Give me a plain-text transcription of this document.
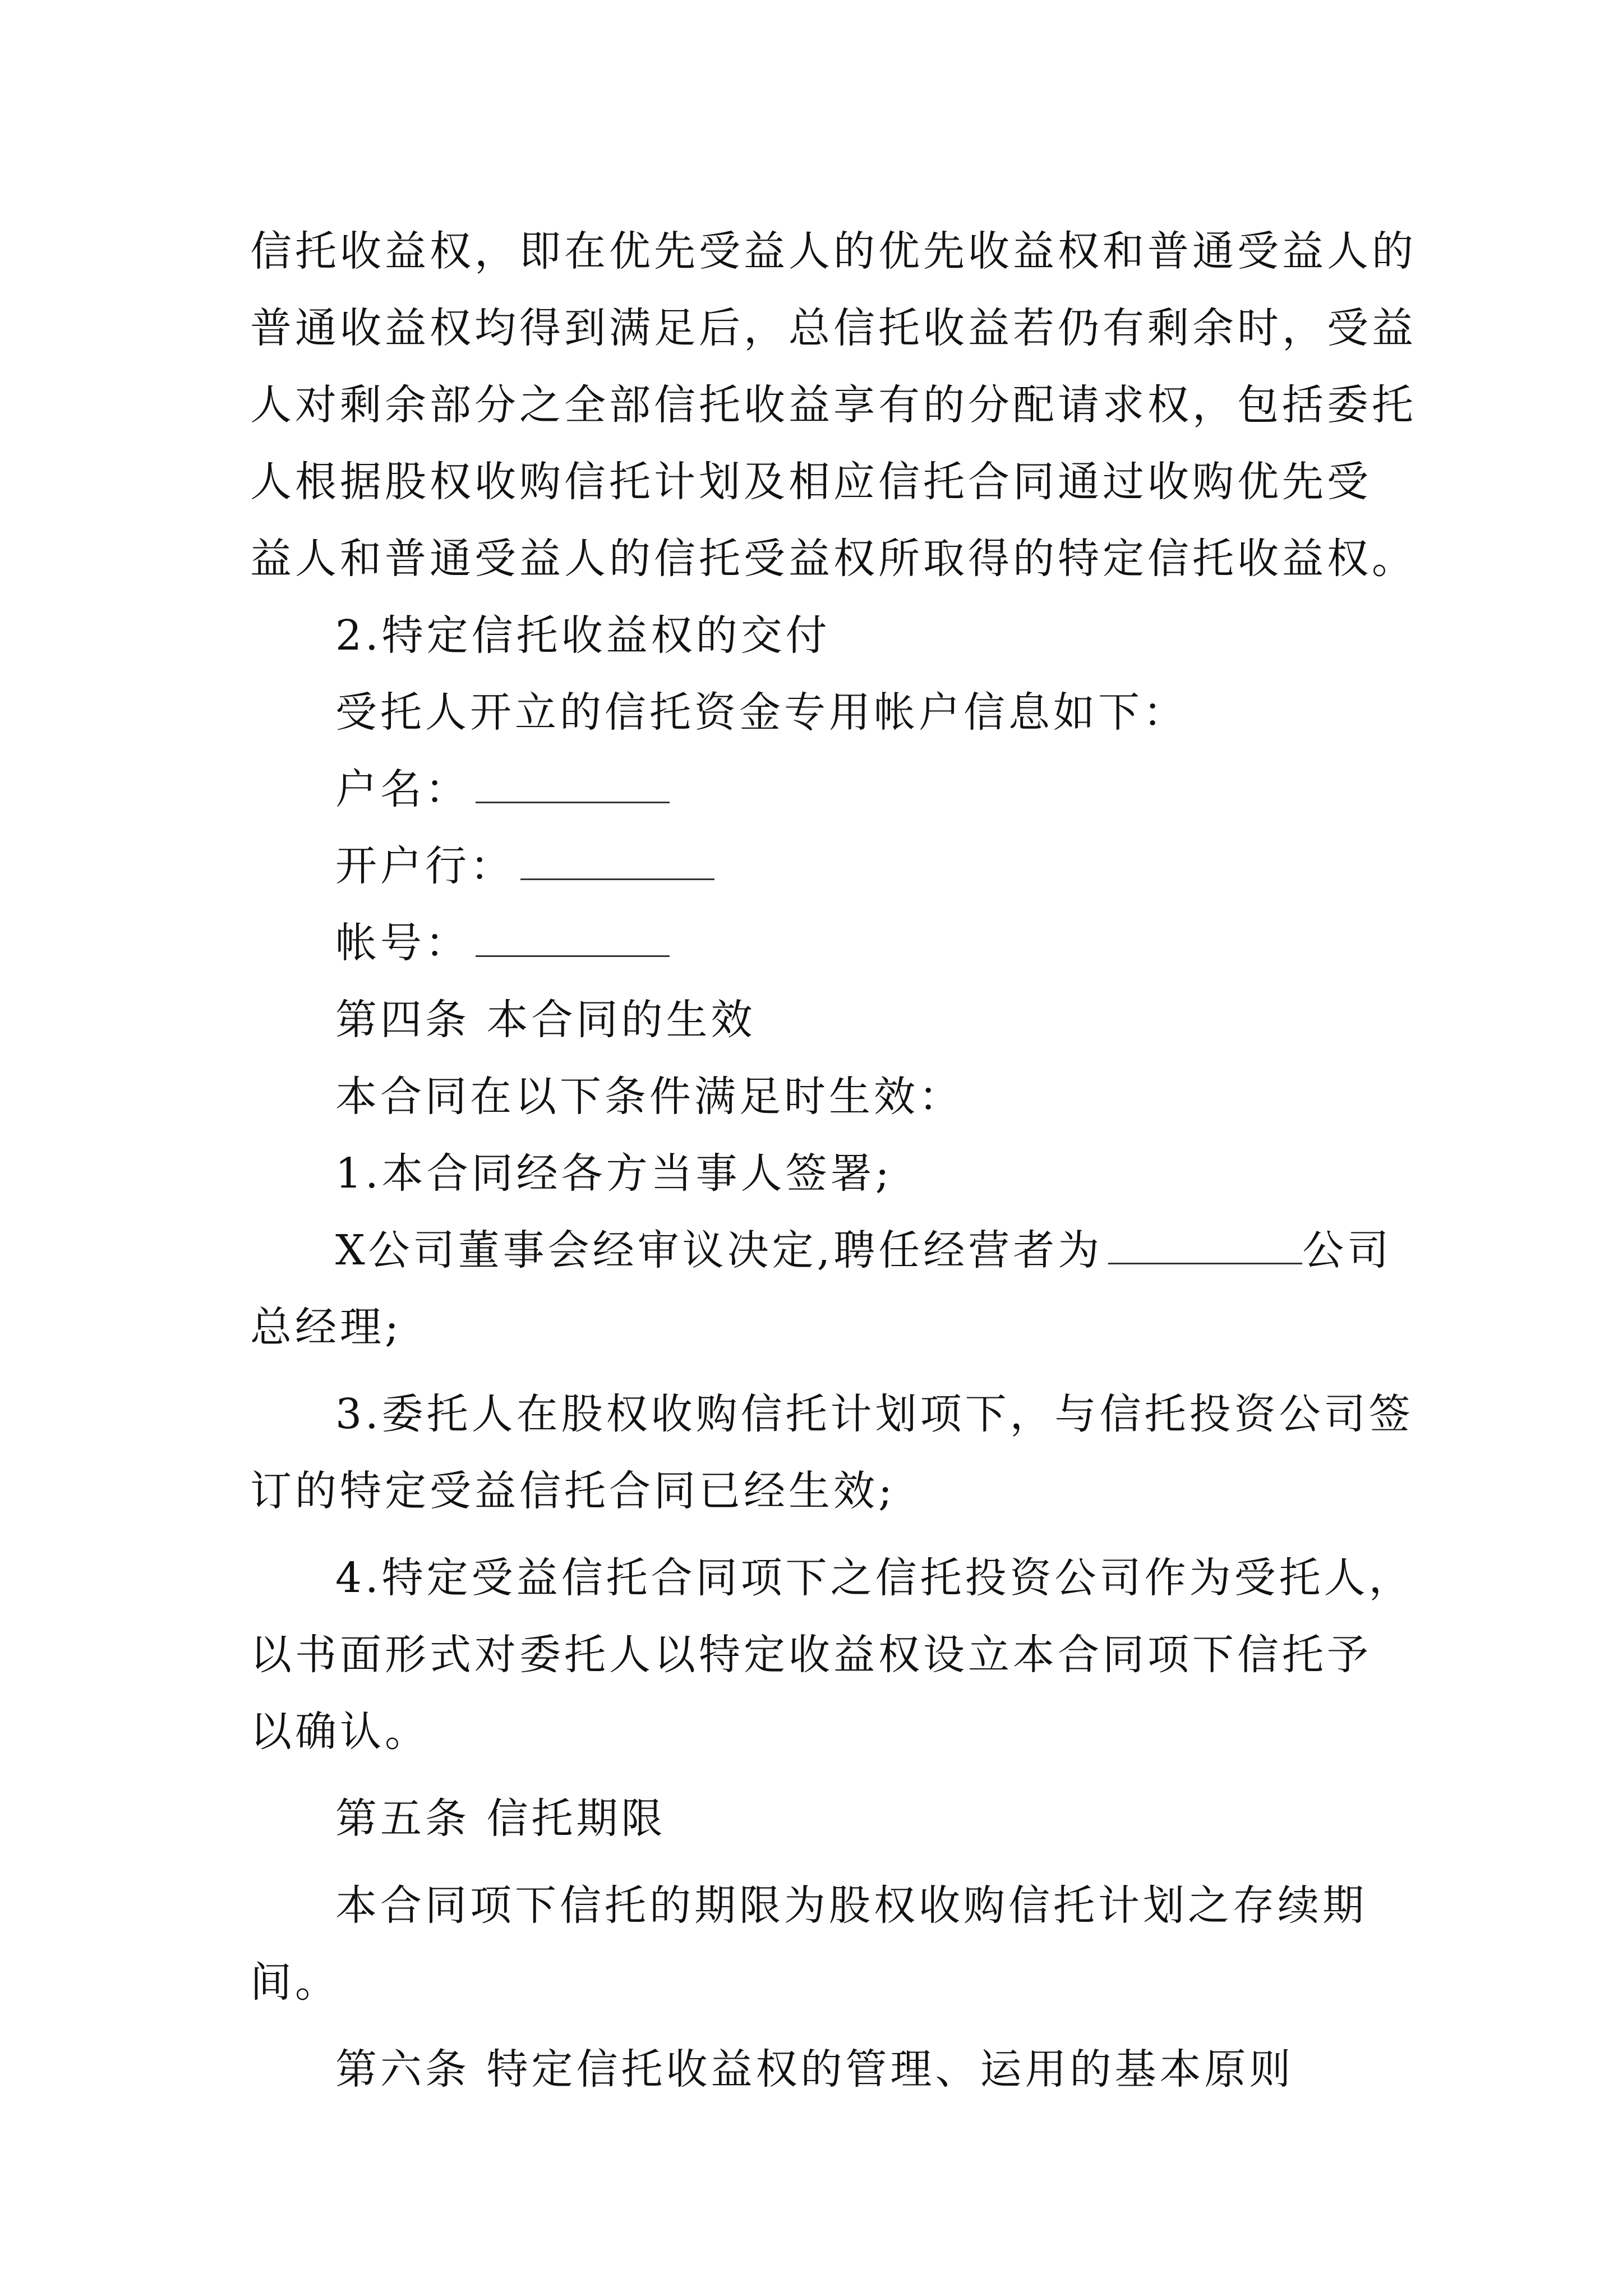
信托收益权，即在优先受益人的优先收益权和普通受益人的

普通收益权均得到满足后，总信托收益若仍有剩余时，受益

人对剩余部分之全部信托收益享有的分配请求权，包括委托

人根据股权收购信托计划及相应信托合同通过收购优先受

益人和普通受益人的信托受益权所取得的特定信托收益权。

2.特定信托收益权的交付

受托人开立的信托资金专用帐户信息如下：

户名：

开户行：

帐号：

第四条 本合同的生效

本合同在以下条件满足时生效：

1.本合同经各方当事人签署;

X公司董事会经审议决定,聘任经营者为	公司

总经理;

3.委托人在股权收购信托计划项下，与信托投资公司签

订的特定受益信托合同已经生效;

4.特定受益信托合同项下之信托投资公司作为受托人，

以书面形式对委托人以特定收益权设立本合同项下信托予

以确认。

第五条 信托期限

本合同项下信托的期限为股权收购信托计划之存续期

间。

第六条 特定信托收益权的管理、运用的基本原则
